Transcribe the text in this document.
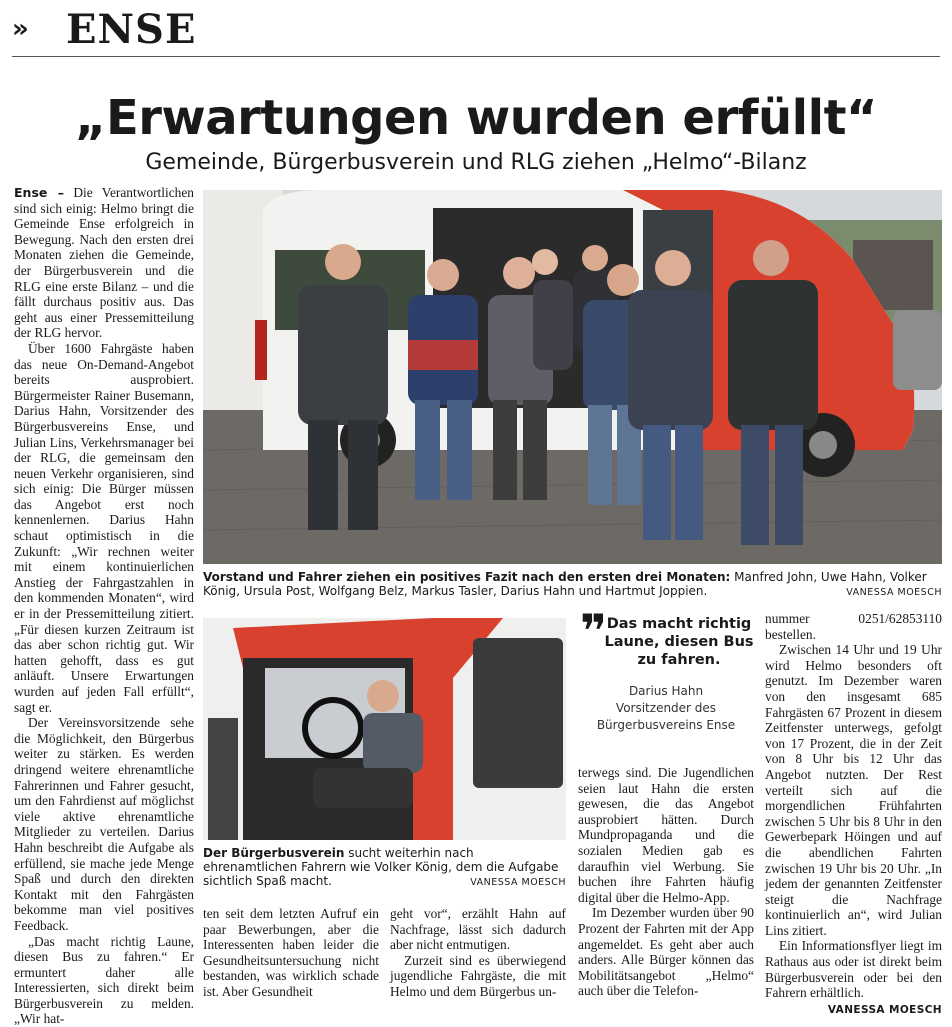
» ENSE
„Erwartungen wurden erfüllt“
Gemeinde, Bürgerbusverein und RLG ziehen „Helmo“-Bilanz

Ense – Die Verantwortlichen sind sich einig: Helmo bringt die Gemeinde Ense erfolgreich in Bewegung. Nach den ersten drei Monaten ziehen die Gemeinde, der Bürgerbusverein und die RLG eine erste Bilanz – und die fällt durchaus positiv aus. Das geht aus einer Pressemitteilung der RLG hervor.

Über 1600 Fahrgäste haben das neue On-Demand-Angebot bereits ausprobiert. Bürgermeister Rainer Busemann, Darius Hahn, Vorsitzender des Bürgerbusvereins Ense, und Julian Lins, Verkehrsmanager bei der RLG, die gemeinsam den neuen Verkehr organisieren, sind sich einig: Die Bürger müssen das Angebot erst noch kennenlernen. Darius Hahn schaut optimistisch in die Zukunft: „Wir rechnen weiter mit einem kontinuierlichen Anstieg der Fahrgastzahlen in den kommenden Monaten“, wird er in der Pressemitteilung zitiert. „Für diesen kurzen Zeitraum ist das aber schon richtig gut. Wir hatten gehofft, dass es gut anläuft. Unsere Erwartungen wurden auf jeden Fall erfüllt“, sagt er.

Der Vereinsvorsitzende sehe die Möglichkeit, den Bürgerbus weiter zu stärken. Es werden dringend weitere ehrenamtliche Fahrerinnen und Fahrer gesucht, um den Fahrdienst auf möglichst viele aktive ehrenamtliche Mitglieder zu verteilen. Darius Hahn beschreibt die Aufgabe als erfüllend, sie mache jede Menge Spaß und durch den direkten Kontakt mit den Fahrgästen bekomme man viel positives Feedback.

„Das macht richtig Laune, diesen Bus zu fahren.“ Er ermuntert daher alle Interessierten, sich direkt beim Bürgerbusverein zu melden. „Wir hat-

Vorstand und Fahrer ziehen ein positives Fazit nach den ersten drei Monaten: Manfred John, Uwe Hahn, Volker König, Ursula Post, Wolfgang Belz, Markus Tasler, Darius Hahn und Hartmut Joppien.	VANESSA MOESCH
Der Bürgerbusverein sucht weiterhin nach ehrenamtlichen Fahrern wie Volker König, dem die Aufgabe sichtlich Spaß macht.	VANESSA MOESCH

ten seit dem letzten Aufruf ein paar Bewerbungen, aber die Interessenten haben leider die Gesundheitsuntersuchung nicht bestanden, was wirklich schade ist. Aber Gesundheit

geht vor“, erzählt Hahn auf Nachfrage, lässt sich dadurch aber nicht entmutigen.

Zurzeit sind es überwiegend jugendliche Fahrgäste, die mit Helmo und dem Bürgerbus un-

❞ Das macht richtig Laune, diesen Bus zu fahren.
Darius Hahn
Vorsitzender des Bürgerbusvereins Ense

terwegs sind. Die Jugendlichen seien laut Hahn die ersten gewesen, die das Angebot ausprobiert hätten. Durch Mundpropaganda und die sozialen Medien gab es daraufhin viel Werbung. Sie buchen ihre Fahrten häufig digital über die Helmo-App.

Im Dezember wurden über 90 Prozent der Fahrten mit der App angemeldet. Es geht aber auch anders. Alle Bürger können das Mobilitätsangebot „Helmo“ auch über die Telefon-

nummer 0251/62853110 bestellen.

Zwischen 14 Uhr und 19 Uhr wird Helmo besonders oft genutzt. Im Dezember waren von den insgesamt 685 Fahrgästen 67 Prozent in diesem Zeitfenster unterwegs, gefolgt von 17 Prozent, die in der Zeit von 8 Uhr bis 12 Uhr das Angebot nutzten. Der Rest verteilt sich auf die morgendlichen Frühfahrten zwischen 5 Uhr bis 8 Uhr in den Gewerbepark Höingen und auf die abendlichen Fahrten zwischen 19 Uhr bis 20 Uhr. „In jedem der genannten Zeitfenster steigt die Nachfrage kontinuierlich an“, wird Julian Lins zitiert.

Ein Informationsflyer liegt im Rathaus aus oder ist direkt beim Bürgerbusverein oder bei den Fahrern erhältlich.

VANESSA MOESCH
